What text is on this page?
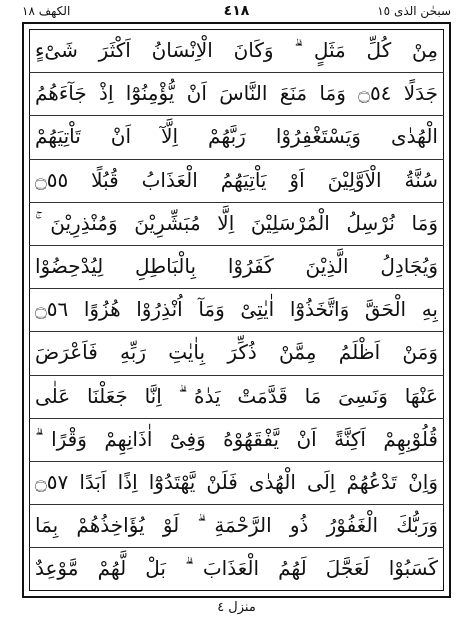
الكهف ١٨	٤١٨	سبحٰن الذی ١٥
مِنْ كُلِّ مَثَلٍ ۗ وَكَانَ الْاِنْسَانُ اَكْثَرَ شَیْءٍ
جَدَلًا ۝٥٤ وَمَا مَنَعَ النَّاسَ اَنْ یُّؤْمِنُوْٓا اِذْ جَآءَهُمُ
الْهُدٰی وَیَسْتَغْفِرُوْا رَبَّهُمْ اِلَّآ اَنْ تَاْتِیَهُمْ
سُنَّةُ الْاَوَّلِیْنَ اَوْ یَاْتِیَهُمُ الْعَذَابُ قُبُلًا ۝٥٥
وَمَا نُرْسِلُ الْمُرْسَلِیْنَ اِلَّا مُبَشِّرِیْنَ وَمُنْذِرِیْنَ ۚ
وَیُجَادِلُ الَّذِیْنَ كَفَرُوْا بِالْبَاطِلِ لِیُدْحِضُوْا
بِهِ الْحَقَّ وَاتَّخَذُوْٓا اٰیٰتِیْ وَمَآ اُنْذِرُوْا هُزُوًا ۝٥٦
وَمَنْ اَظْلَمُ مِمَّنْ ذُكِّرَ بِاٰیٰتِ رَبِّهِ فَاَعْرَضَ
عَنْهَا وَنَسِیَ مَا قَدَّمَتْ یَدٰهُ ۗ اِنَّا جَعَلْنَا عَلٰی
قُلُوْبِهِمْ اَكِنَّةً اَنْ یَّفْقَهُوْهُ وَفِیْٓ اٰذَانِهِمْ وَقْرًا ۗ
وَاِنْ تَدْعُهُمْ اِلَی الْهُدٰی فَلَنْ یَّهْتَدُوْٓا اِذًا اَبَدًا ۝٥٧
وَرَبُّكَ الْغَفُوْرُ ذُو الرَّحْمَةِ ۗ لَوْ یُؤَاخِذُهُمْ بِمَا
كَسَبُوْا لَعَجَّلَ لَهُمُ الْعَذَابَ ۗ بَلْ لَّهُمْ مَّوْعِدٌ
منزل ٤
